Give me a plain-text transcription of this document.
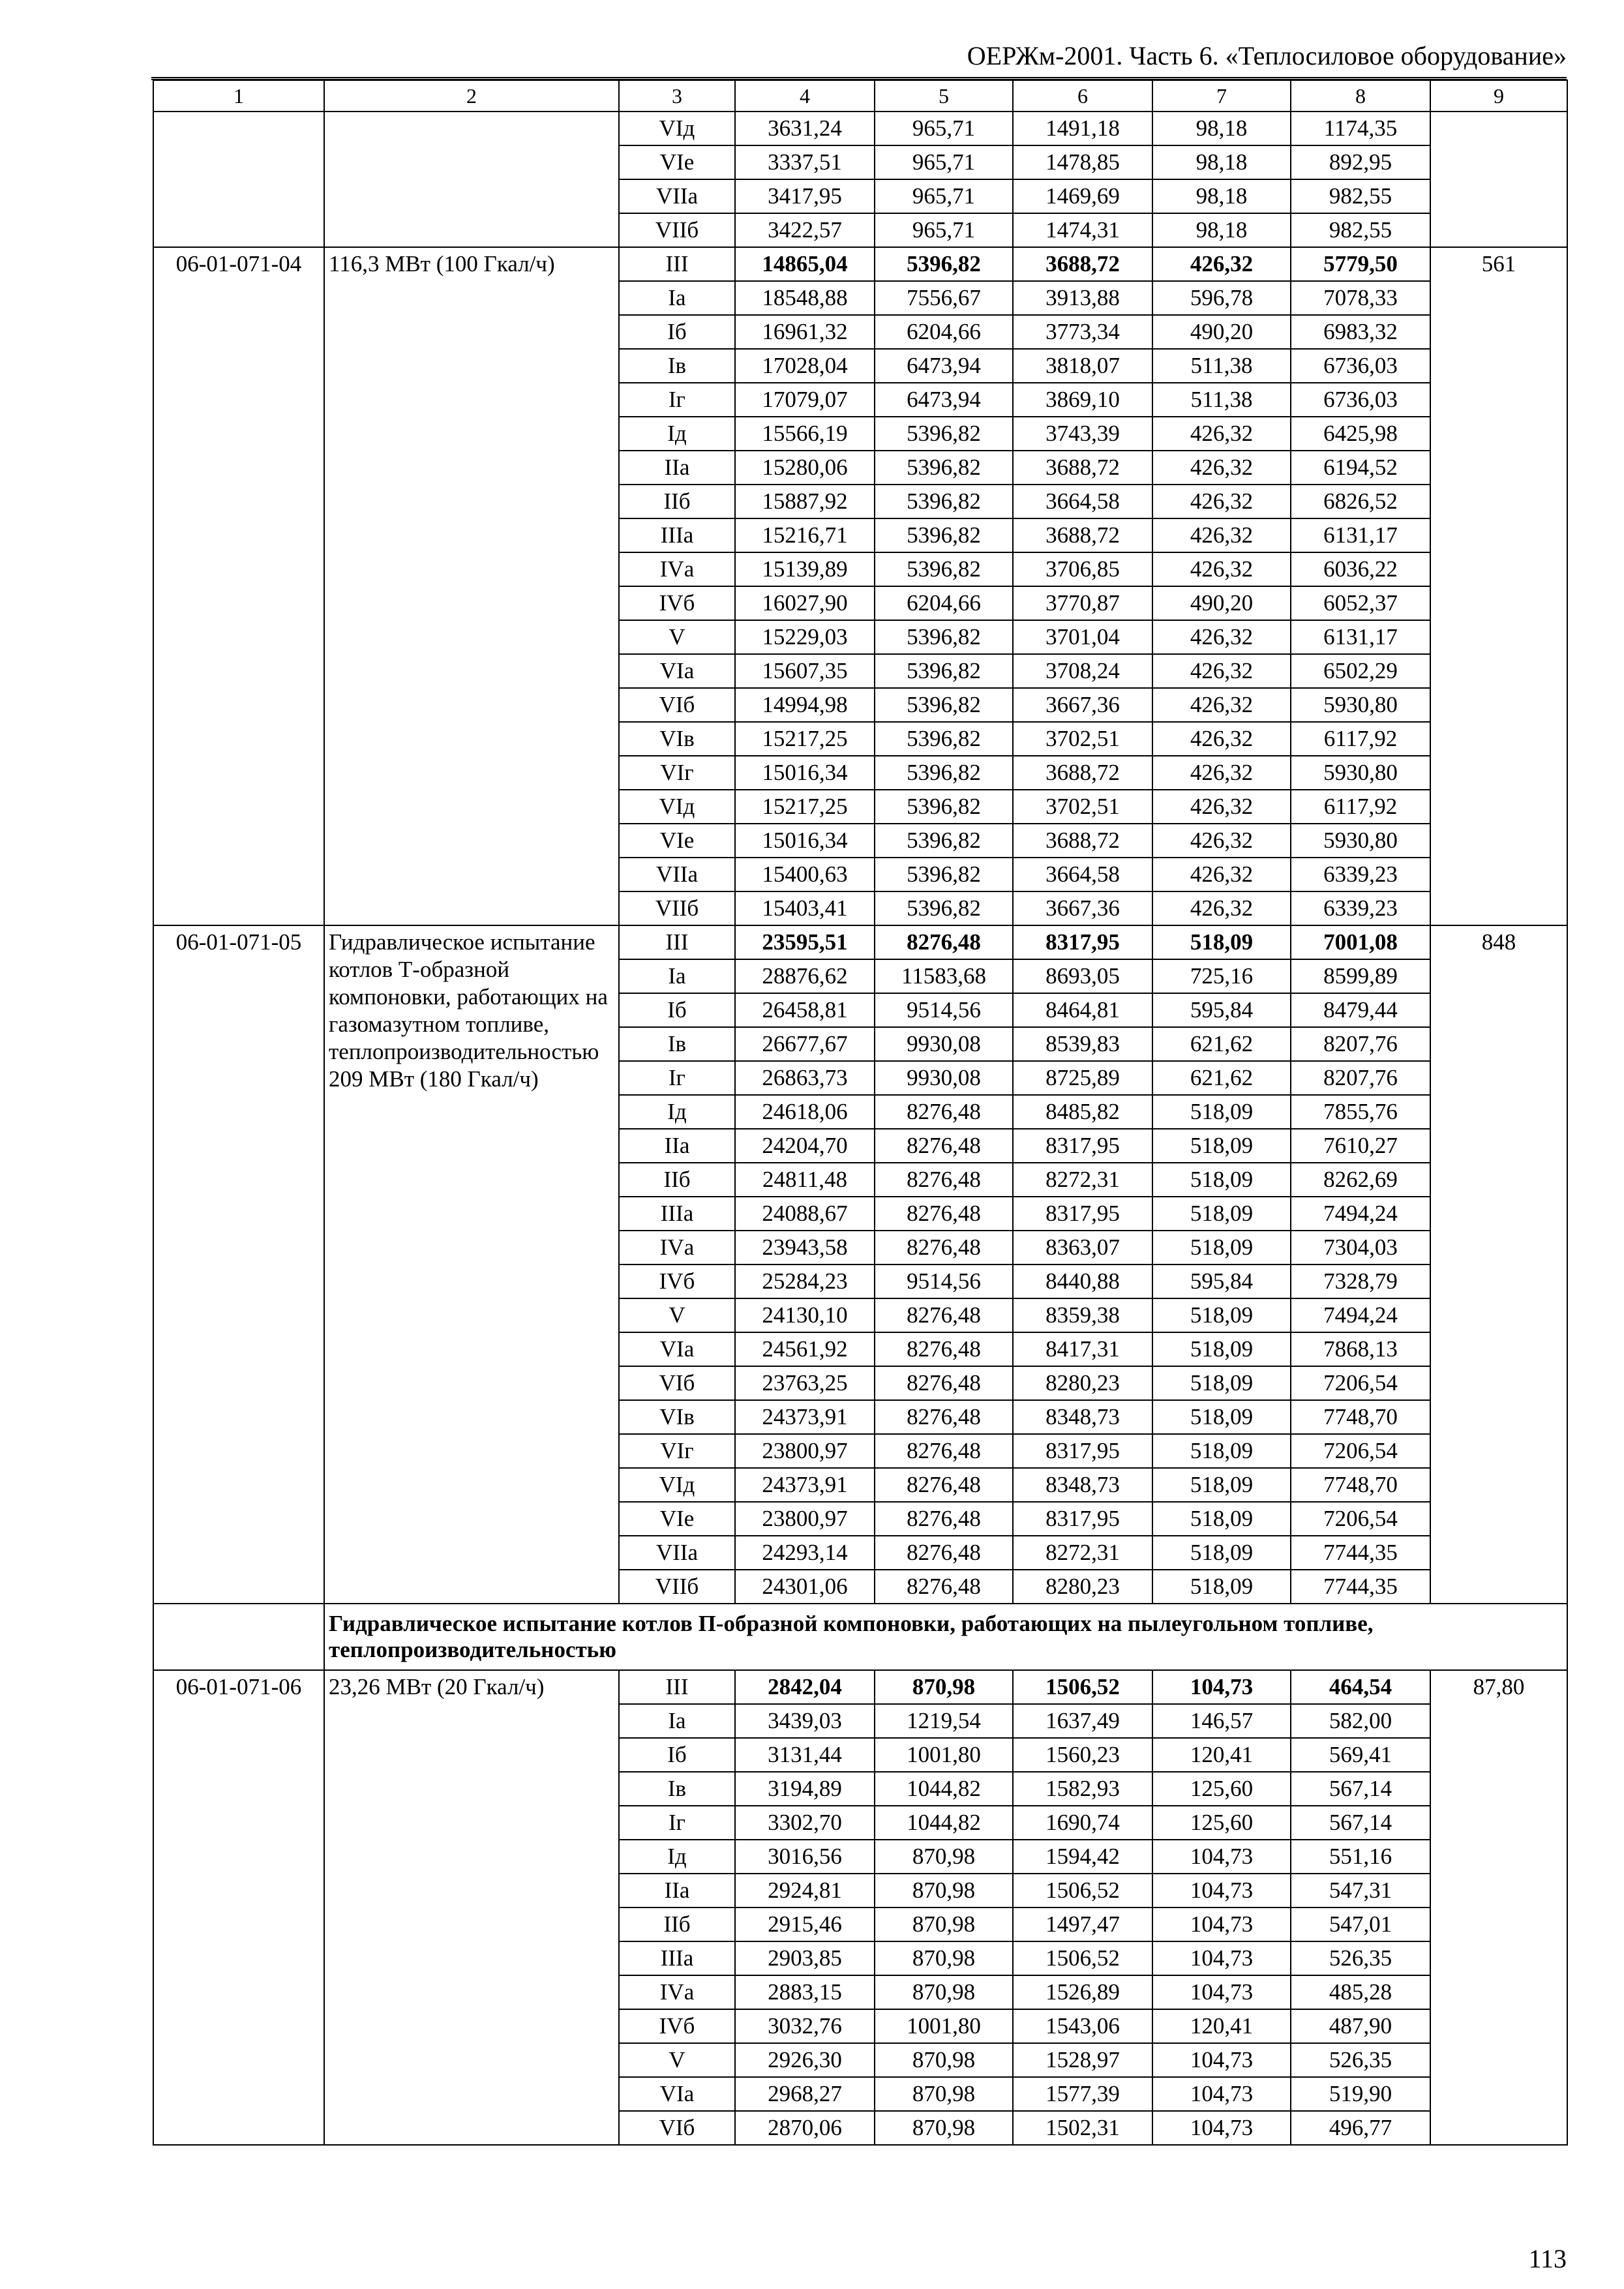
ОЕРЖм-2001. Часть 6. «Теплосиловое оборудование»
1	2	3	4	5	6	7	8	9
		VIд	3631,24	965,71	1491,18	98,18	1174,35	
		VIе	3337,51	965,71	1478,85	98,18	892,95	
		VIIа	3417,95	965,71	1469,69	98,18	982,55	
		VIIб	3422,57	965,71	1474,31	98,18	982,55	
06-01-071-04	116,3 МВт (100 Гкал/ч)	III	14865,04	5396,82	3688,72	426,32	5779,50	561
		Iа	18548,88	7556,67	3913,88	596,78	7078,33	
		Iб	16961,32	6204,66	3773,34	490,20	6983,32	
		Iв	17028,04	6473,94	3818,07	511,38	6736,03	
		Iг	17079,07	6473,94	3869,10	511,38	6736,03	
		Iд	15566,19	5396,82	3743,39	426,32	6425,98	
		IIа	15280,06	5396,82	3688,72	426,32	6194,52	
		IIб	15887,92	5396,82	3664,58	426,32	6826,52	
		IIIа	15216,71	5396,82	3688,72	426,32	6131,17	
		IVа	15139,89	5396,82	3706,85	426,32	6036,22	
		IVб	16027,90	6204,66	3770,87	490,20	6052,37	
		V	15229,03	5396,82	3701,04	426,32	6131,17	
		VIа	15607,35	5396,82	3708,24	426,32	6502,29	
		VIб	14994,98	5396,82	3667,36	426,32	5930,80	
		VIв	15217,25	5396,82	3702,51	426,32	6117,92	
		VIг	15016,34	5396,82	3688,72	426,32	5930,80	
		VIд	15217,25	5396,82	3702,51	426,32	6117,92	
		VIе	15016,34	5396,82	3688,72	426,32	5930,80	
		VIIа	15400,63	5396,82	3664,58	426,32	6339,23	
		VIIб	15403,41	5396,82	3667,36	426,32	6339,23	
06-01-071-05	Гидравлическое испытание котлов Т-образной компоновки, работающих на газомазутном топливе, теплопроизводительностью 209 МВт (180 Гкал/ч)	III	23595,51	8276,48	8317,95	518,09	7001,08	848
		Iа	28876,62	11583,68	8693,05	725,16	8599,89	
		Iб	26458,81	9514,56	8464,81	595,84	8479,44	
		Iв	26677,67	9930,08	8539,83	621,62	8207,76	
		Iг	26863,73	9930,08	8725,89	621,62	8207,76	
		Iд	24618,06	8276,48	8485,82	518,09	7855,76	
		IIа	24204,70	8276,48	8317,95	518,09	7610,27	
		IIб	24811,48	8276,48	8272,31	518,09	8262,69	
		IIIа	24088,67	8276,48	8317,95	518,09	7494,24	
		IVа	23943,58	8276,48	8363,07	518,09	7304,03	
		IVб	25284,23	9514,56	8440,88	595,84	7328,79	
		V	24130,10	8276,48	8359,38	518,09	7494,24	
		VIа	24561,92	8276,48	8417,31	518,09	7868,13	
		VIб	23763,25	8276,48	8280,23	518,09	7206,54	
		VIв	24373,91	8276,48	8348,73	518,09	7748,70	
		VIг	23800,97	8276,48	8317,95	518,09	7206,54	
		VIд	24373,91	8276,48	8348,73	518,09	7748,70	
		VIе	23800,97	8276,48	8317,95	518,09	7206,54	
		VIIа	24293,14	8276,48	8272,31	518,09	7744,35	
		VIIб	24301,06	8276,48	8280,23	518,09	7744,35	
	Гидравлическое испытание котлов П-образной компоновки, работающих на пылеугольном топливе, теплопроизводительностью							
06-01-071-06	23,26 МВт (20 Гкал/ч)	III	2842,04	870,98	1506,52	104,73	464,54	87,80
		Iа	3439,03	1219,54	1637,49	146,57	582,00	
		Iб	3131,44	1001,80	1560,23	120,41	569,41	
		Iв	3194,89	1044,82	1582,93	125,60	567,14	
		Iг	3302,70	1044,82	1690,74	125,60	567,14	
		Iд	3016,56	870,98	1594,42	104,73	551,16	
		IIа	2924,81	870,98	1506,52	104,73	547,31	
		IIб	2915,46	870,98	1497,47	104,73	547,01	
		IIIа	2903,85	870,98	1506,52	104,73	526,35	
		IVа	2883,15	870,98	1526,89	104,73	485,28	
		IVб	3032,76	1001,80	1543,06	120,41	487,90	
		V	2926,30	870,98	1528,97	104,73	526,35	
		VIа	2968,27	870,98	1577,39	104,73	519,90	
		VIб	2870,06	870,98	1502,31	104,73	496,77	
113
